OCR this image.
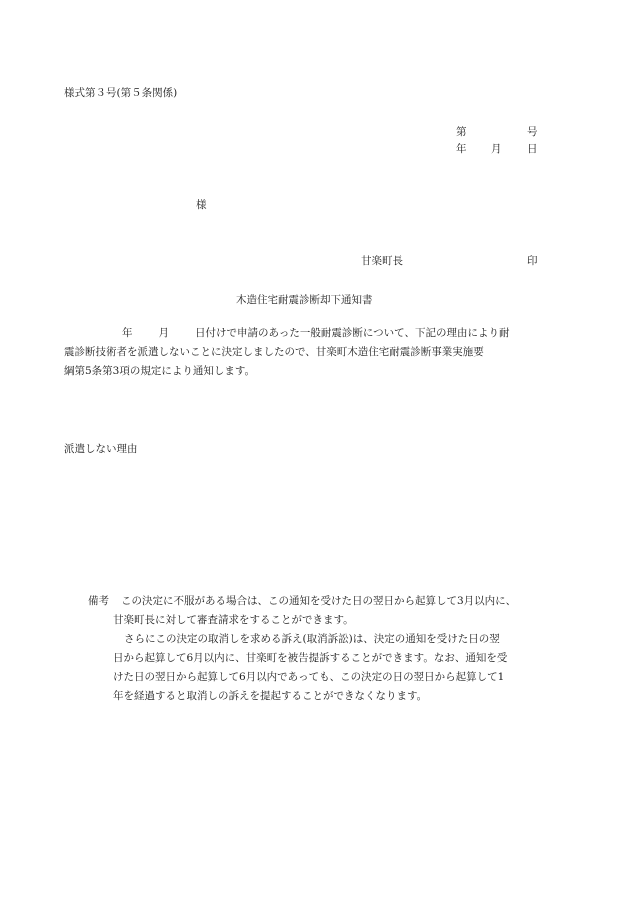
様式第３号(第５条関係)
第	号
年 月 日
様
甘楽町長	印
木造住宅耐震診断却下通知書
年 月 日付けで申請のあった一般耐震診断について、下記の理由により耐
震診断技術者を派遣しないことに決定しましたので、甘楽町木造住宅耐震診断事業実施要
綱第5条第3項の規定により通知します。
派遣しない理由
備考 この決定に不服がある場合は、この通知を受けた日の翌日から起算して3月以内に、
甘楽町長に対して審査請求をすることができます。
さらにこの決定の取消しを求める訴え(取消訴訟)は、決定の通知を受けた日の翌
日から起算して6月以内に、甘楽町を被告提訴することができます。なお、通知を受
けた日の翌日から起算して6月以内であっても、この決定の日の翌日から起算して1
年を経過すると取消しの訴えを提起することができなくなります。
